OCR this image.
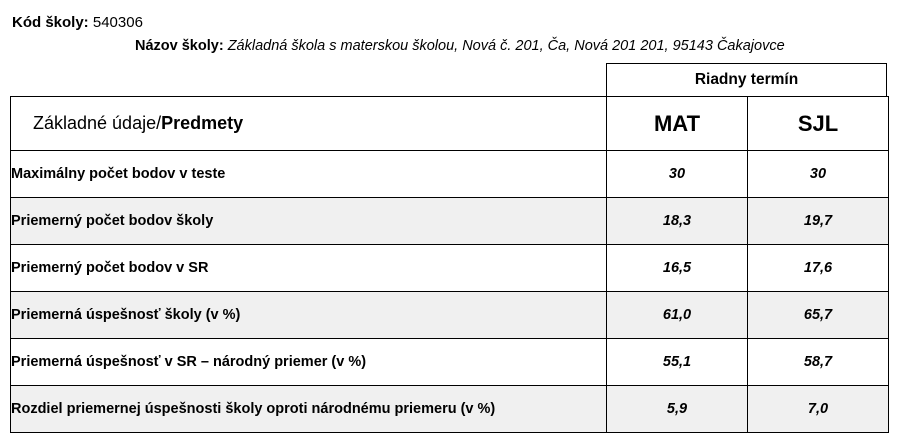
Kód školy: 540306
Názov školy: Základná škola s materskou školou, Nová č. 201, Ča, Nová 201 201, 95143 Čakajovce
Riadny termín
Základné údaje/Predmety	MAT	SJL
Maximálny počet bodov v teste	30	30
Priemerný počet bodov školy	18,3	19,7
Priemerný počet bodov v SR	16,5	17,6
Priemerná úspešnosť školy (v %)	61,0	65,7
Priemerná úspešnosť v SR – národný priemer (v %)	55,1	58,7
Rozdiel priemernej úspešnosti školy oproti národnému priemeru (v %)	5,9	7,0
